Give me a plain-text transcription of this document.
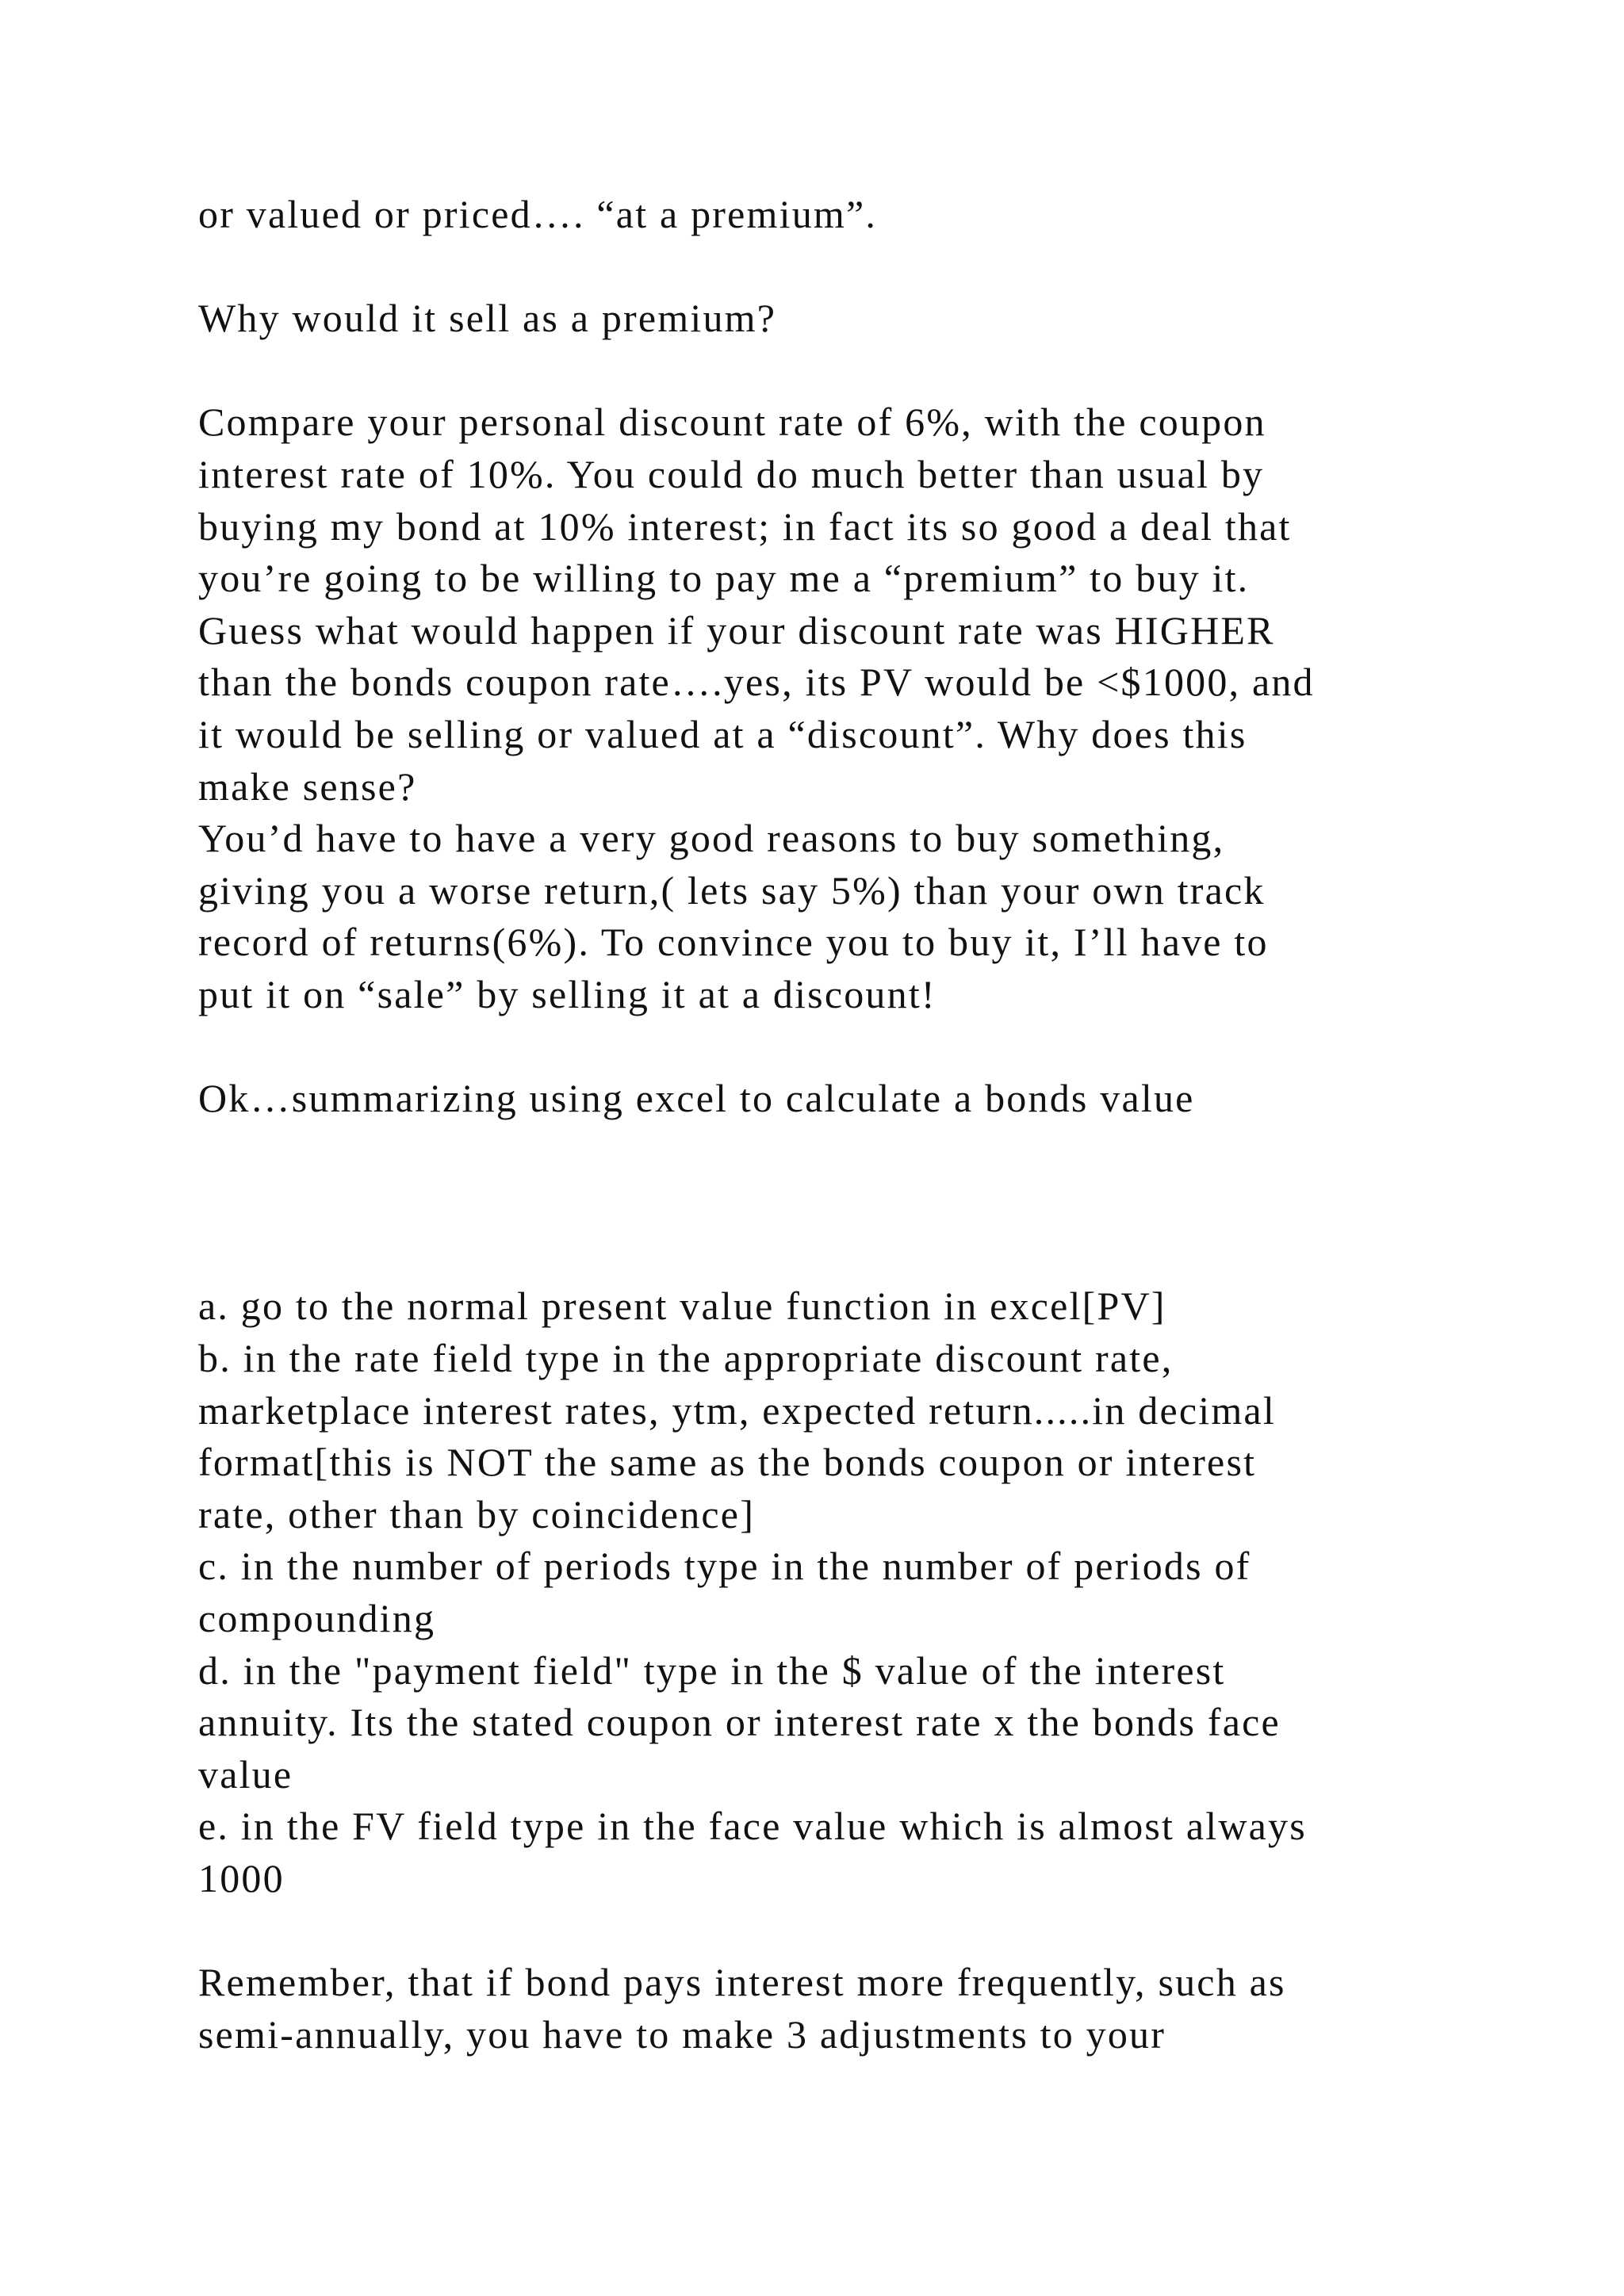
or valued or priced…. “at a premium”.
Why would it sell as a premium?
Compare your personal discount rate of 6%, with the coupon
interest rate of 10%. You could do much better than usual by
buying my bond at 10% interest; in fact its so good a deal that
you’re going to be willing to pay me a “premium” to buy it.
Guess what would happen if your discount rate was HIGHER
than the bonds coupon rate….yes, its PV would be <$1000, and
it would be selling or valued at a “discount”. Why does this
make sense?
You’d have to have a very good reasons to buy something,
giving you a worse return,( lets say 5%) than your own track
record of returns(6%). To convince you to buy it, I’ll have to
put it on “sale” by selling it at a discount!
Ok…summarizing using excel to calculate a bonds value
a. go to the normal present value function in excel[PV]
b. in the rate field type in the appropriate discount rate,
marketplace interest rates, ytm, expected return.....in decimal
format[this is NOT the same as the bonds coupon or interest
rate, other than by coincidence]
c. in the number of periods type in the number of periods of
compounding
d. in the "payment field" type in the $ value of the interest
annuity. Its the stated coupon or interest rate x the bonds face
value
e. in the FV field type in the face value which is almost always
1000
Remember, that if bond pays interest more frequently, such as
semi-annually, you have to make 3 adjustments to your
